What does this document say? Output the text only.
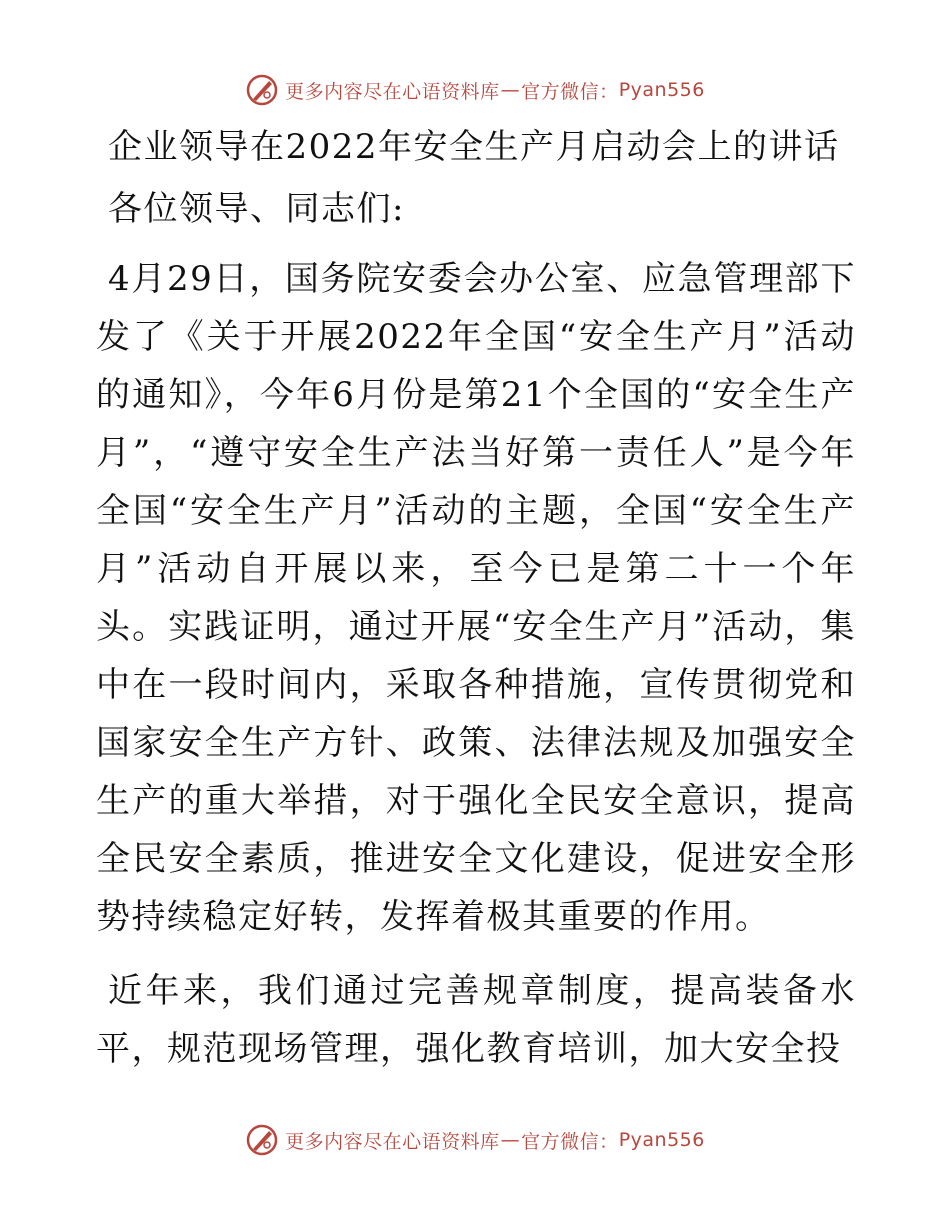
更多内容尽在心语资料库 — 官方微信： Pyan556

企业领导在2022年安全生产月启动会上的讲话

各位领导、同志们:

4月29日，国务院安委会办公室、应急管理部下发了《关于开展2022年全国“安全生产月”活动的通知》，今年6月份是第21个全国的“安全生产月”，“遵守安全生产法当好第一责任人”是今年全国“安全生产月”活动的主题，全国“安全生产月”活动自开展以来，至今已是第二十一个年头。实践证明，通过开展“安全生产月”活动，集中在一段时间内，采取各种措施，宣传贯彻党和国家安全生产方针、政策、法律法规及加强安全生产的重大举措，对于强化全民安全意识，提高全民安全素质，推进安全文化建设，促进安全形势持续稳定好转，发挥着极其重要的作用。

近年来，我们通过完善规章制度，提高装备水平，规范现场管理，强化教育培训，加大安全投

更多内容尽在心语资料库 — 官方微信： Pyan556
